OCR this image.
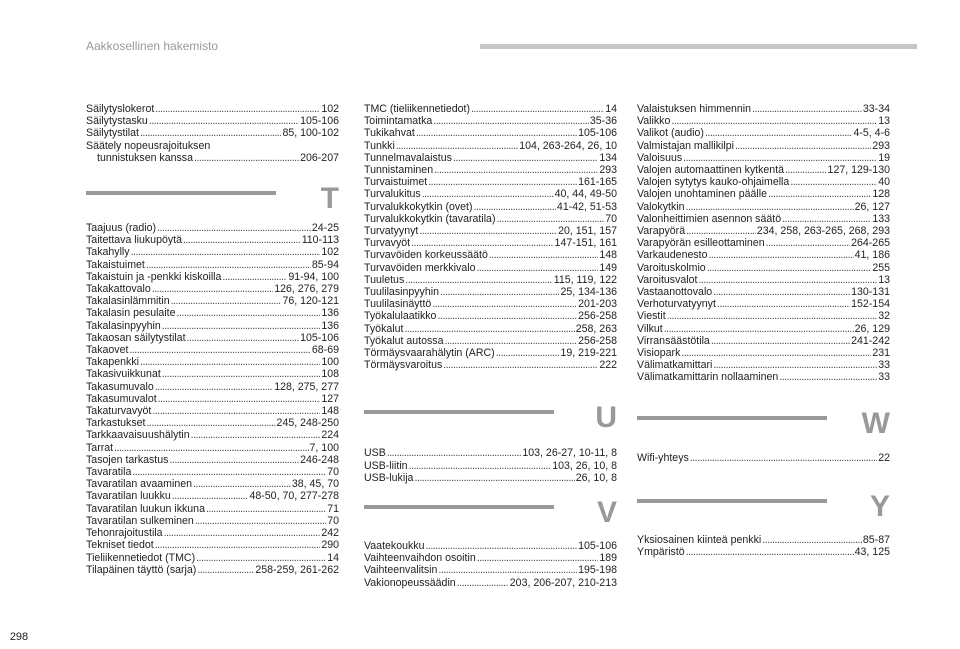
Aakkosellinen hakemisto
Säilytyslokerot .....	102
Säilytystasku .....	105-106
Säilytystilat .....	85, 100-102
Säätely nopeusrajoituksen
tunnistuksen kanssa .....	206-207
T
Taajuus (radio) .....	24-25
Taitettava liukupöytä .....	110-113
Takahylly .....	102
Takaistuimet .....	85-94
Takaistuin ja -penkki kiskoilla .....	91-94, 100
Takakattovalo .....	126, 276, 279
Takalasinlämmitin .....	76, 120-121
Takalasin pesulaite .....	136
Takalasinpyyhin .....	136
Takaosan säilytystilat .....	105-106
Takaovet .....	68-69
Takapenkki .....	100
Takasivuikkunat .....	108
Takasumuvalo .....	128, 275, 277
Takasumuvalot .....	127
Takaturvavyöt .....	148
Tarkastukset .....	245, 248-250
Tarkkaavaisuushälytin .....	224
Tarrat .....	7, 100
Tasojen tarkastus .....	246-248
Tavaratila .....	70
Tavaratilan avaaminen .....	38, 45, 70
Tavaratilan luukku .....	48-50, 70, 277-278
Tavaratilan luukun ikkuna .....	71
Tavaratilan sulkeminen .....	70
Tehonrajoitustila .....	242
Tekniset tiedot .....	290
Tieliikennetiedot (TMC) .....	14
Tilapäinen täyttö (sarja) .....	258-259, 261-262
TMC (tieliikennetiedot) .....	14
Toimintamatka .....	35-36
Tukikahvat .....	105-106
Tunkki .....	104, 263-264, 26, 10
Tunnelmavalaistus .....	134
Tunnistaminen .....	293
Turvaistuimet .....	161-165
Turvalukitus .....	40, 44, 49-50
Turvalukkokytkin (ovet) .....	41-42, 51-53
Turvalukkokytkin (tavaratila) .....	70
Turvatyynyt .....	20, 151, 157
Turvavyöt .....	147-151, 161
Turvavöiden korkeussäätö .....	148
Turvavöiden merkkivalo .....	149
Tuuletus .....	115, 119, 122
Tuulilasinpyyhin .....	25, 134-136
Tuulilasinäyttö .....	201-203
Työkalulaatikko .....	256-258
Työkalut .....	258, 263
Työkalut autossa .....	256-258
Törmäysvaarahälytin (ARC) .....	19, 219-221
Törmäysvaroitus .....	222
U
USB .....	103, 26-27, 10-11, 8
USB-liitin .....	103, 26, 10, 8
USB-lukija .....	26, 10, 8
V
Vaatekoukku .....	105-106
Vaihteenvaihdon osoitin .....	189
Vaihteenvalitsin .....	195-198
Vakionopeussäädin .....	203, 206-207, 210-213
Valaistuksen himmennin .....	33-34
Valikko .....	13
Valikot (audio) .....	4-5, 4-6
Valmistajan mallikilpi .....	293
Valoisuus .....	19
Valojen automaattinen kytkentä .....	127, 129-130
Valojen sytytys kauko-ohjaimella .....	40
Valojen unohtaminen päälle .....	128
Valokytkin .....	26, 127
Valonheittimien asennon säätö .....	133
Varapyörä .....	234, 258, 263-265, 268, 293
Varapyörän esilleottaminen .....	264-265
Varkaudenesto .....	41, 186
Varoituskolmio .....	255
Varoitusvalot .....	13
Vastaanottovalo .....	130-131
Verhoturvatyynyt .....	152-154
Viestit .....	32
Vilkut .....	26, 129
Virransäästötila .....	241-242
Visiopark .....	231
Välimatkamittari .....	33
Välimatkamittarin nollaaminen .....	33
W
Wifi-yhteys .....	22
Y
Yksiosainen kiinteä penkki .....	85-87
Ympäristö .....	43, 125
298
